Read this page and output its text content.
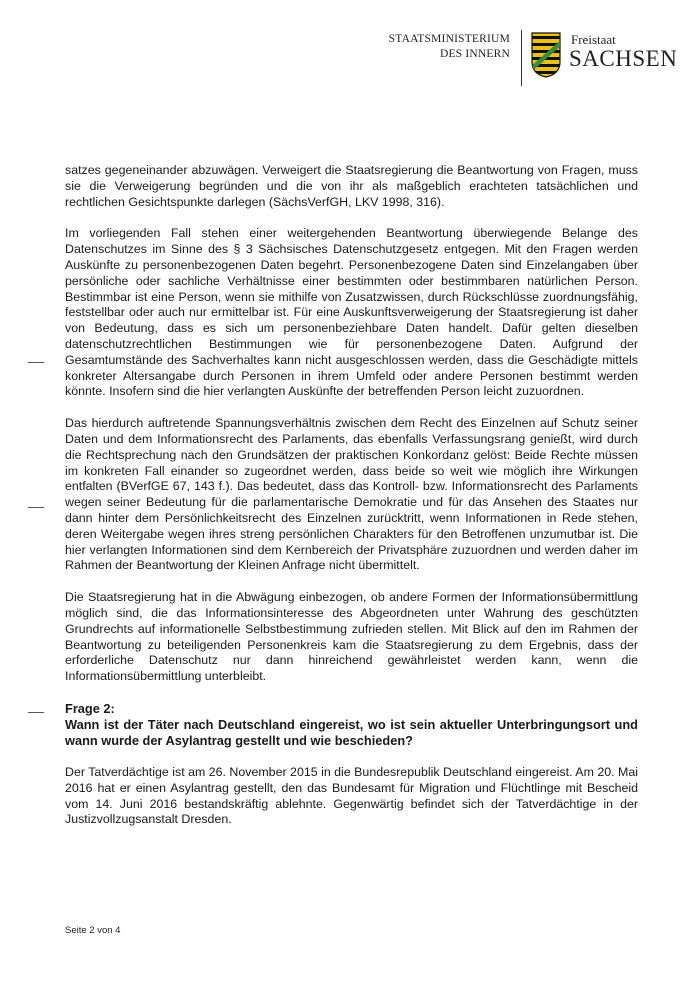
STAATSMINISTERIUM
DES INNERN
Freistaat
SACHSEN

satzes gegeneinander abzuwägen. Verweigert die Staatsregierung die Beantwortung von Fragen, muss sie die Verweigerung begründen und die von ihr als maßgeblich erachteten tatsächlichen und rechtlichen Gesichtspunkte darlegen (SächsVerfGH, LKV 1998, 316).

Im vorliegenden Fall stehen einer weitergehenden Beantwortung überwiegende Belange des Datenschutzes im Sinne des § 3 Sächsisches Datenschutzgesetz entgegen. Mit den Fragen werden Auskünfte zu personenbezogenen Daten begehrt. Personenbezogene Daten sind Einzelangaben über persönliche oder sachliche Verhältnisse einer bestimmten oder bestimmbaren natürlichen Person. Bestimmbar ist eine Person, wenn sie mithilfe von Zusatzwissen, durch Rückschlüsse zuordnungsfähig, feststellbar oder auch nur ermittelbar ist. Für eine Auskunftsverweigerung der Staatsregierung ist daher von Bedeutung, dass es sich um personenbeziehbare Daten handelt. Dafür gelten dieselben datenschutzrechtlichen Bestimmungen wie für personenbezogene Daten. Aufgrund der Gesamtumstände des Sachverhaltes kann nicht ausgeschlossen werden, dass die Geschädigte mittels konkreter Altersangabe durch Personen in ihrem Umfeld oder andere Personen bestimmt werden könnte. Insofern sind die hier verlangten Auskünfte der betreffenden Person leicht zuzuordnen.

Das hierdurch auftretende Spannungsverhältnis zwischen dem Recht des Einzelnen auf Schutz seiner Daten und dem Informationsrecht des Parlaments, das ebenfalls Verfassungsrang genießt, wird durch die Rechtsprechung nach den Grundsätzen der praktischen Konkordanz gelöst: Beide Rechte müssen im konkreten Fall einander so zugeordnet werden, dass beide so weit wie möglich ihre Wirkungen entfalten (BVerfGE 67, 143 f.). Das bedeutet, dass das Kontroll- bzw. Informationsrecht des Parlaments wegen seiner Bedeutung für die parlamentarische Demokratie und für das Ansehen des Staates nur dann hinter dem Persönlichkeitsrecht des Einzelnen zurücktritt, wenn Informationen in Rede stehen, deren Weitergabe wegen ihres streng persönlichen Charakters für den Betroffenen unzumutbar ist. Die hier verlangten Informationen sind dem Kernbereich der Privatsphäre zuzuordnen und werden daher im Rahmen der Beantwortung der Kleinen Anfrage nicht übermittelt.

Die Staatsregierung hat in die Abwägung einbezogen, ob andere Formen der Informationsübermittlung möglich sind, die das Informationsinteresse des Abgeordneten unter Wahrung des geschützten Grundrechts auf informationelle Selbstbestimmung zufrieden stellen. Mit Blick auf den im Rahmen der Beantwortung zu beteiligenden Personenkreis kam die Staatsregierung zu dem Ergebnis, dass der erforderliche Datenschutz nur dann hinreichend gewährleistet werden kann, wenn die Informationsübermittlung unterbleibt.

Frage 2:
Wann ist der Täter nach Deutschland eingereist, wo ist sein aktueller Unterbringungsort und wann wurde der Asylantrag gestellt und wie beschieden?

Der Tatverdächtige ist am 26. November 2015 in die Bundesrepublik Deutschland eingereist. Am 20. Mai 2016 hat er einen Asylantrag gestellt, den das Bundesamt für Migration und Flüchtlinge mit Bescheid vom 14. Juni 2016 bestandskräftig ablehnte. Gegenwärtig befindet sich der Tatverdächtige in der Justizvollzugsanstalt Dresden.

Seite 2 von 4
